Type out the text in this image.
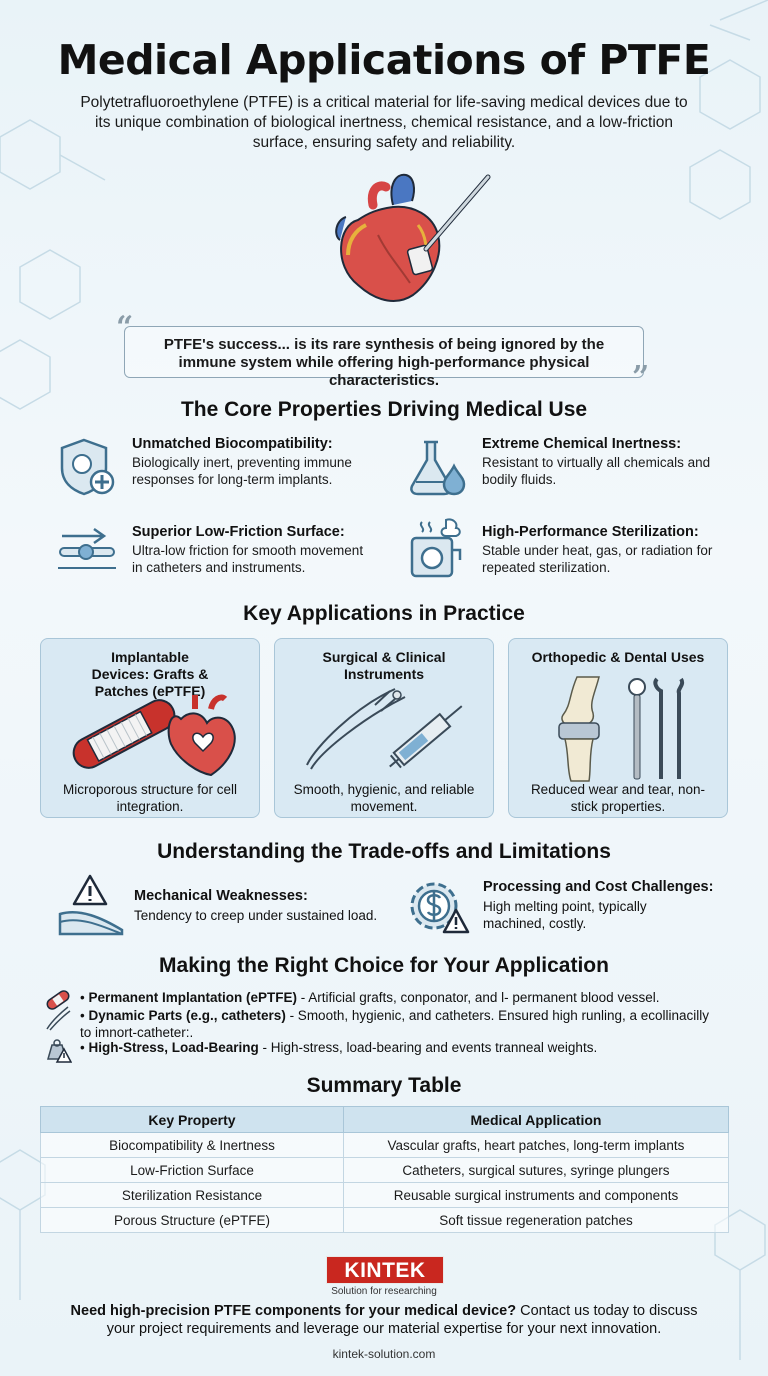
Medical Applications of PTFE

Polytetrafluoroethylene (PTFE) is a critical material for life-saving medical devices due to its unique combination of biological inertness, chemical resistance, and a low-friction surface, ensuring safety and reliability.

PTFE's success... is its rare synthesis of being ignored by the immune system while offering high-performance physical characteristics.

“
”
The Core Properties Driving Medical Use
Unmatched Biocompatibility:
Biologically inert, preventing immune responses for long-term implants.
Extreme Chemical Inertness:
Resistant to virtually all chemicals and bodily fluids.
Superior Low-Friction Surface:
Ultra-low friction for smooth movement in catheters and instruments.
High-Performance Sterilization:
Stable under heat, gas, or radiation for repeated sterilization.
Key Applications in Practice
Implantable Devices: Grafts & Patches (ePTFE)
Microporous structure for cell integration.
Surgical & Clinical Instruments
Smooth, hygienic, and reliable movement.
Orthopedic & Dental Uses
Reduced wear and tear, non-stick properties.
Understanding the Trade-offs and Limitations
Mechanical Weaknesses:
Tendency to creep under sustained load.
Processing and Cost Challenges:
High melting point, typically machined, costly.
Making the Right Choice for Your Application
• Permanent Implantation (ePTFE) - Artificial grafts, conponator, and l- permanent blood vessel.
• Dynamic Parts (e.g., catheters) - Smooth, hygienic, and catheters. Ensured high runling, a ecollinacilly to imnort-catheter:.
• High-Stress, Load-Bearing - High-stress, load-bearing and events tranneal weights.
Summary Table
Key Property	Medical Application
Biocompatibility & Inertness	Vascular grafts, heart patches, long-term implants
Low-Friction Surface	Catheters, surgical sutures, syringe plungers
Sterilization Resistance	Reusable surgical instruments and components
Porous Structure (ePTFE)	Soft tissue regeneration patches
KINTEK
Solution for researching

Need high-precision PTFE components for your medical device? Contact us today to discuss your project requirements and leverage our material expertise for your next innovation.

kintek-solution.com
